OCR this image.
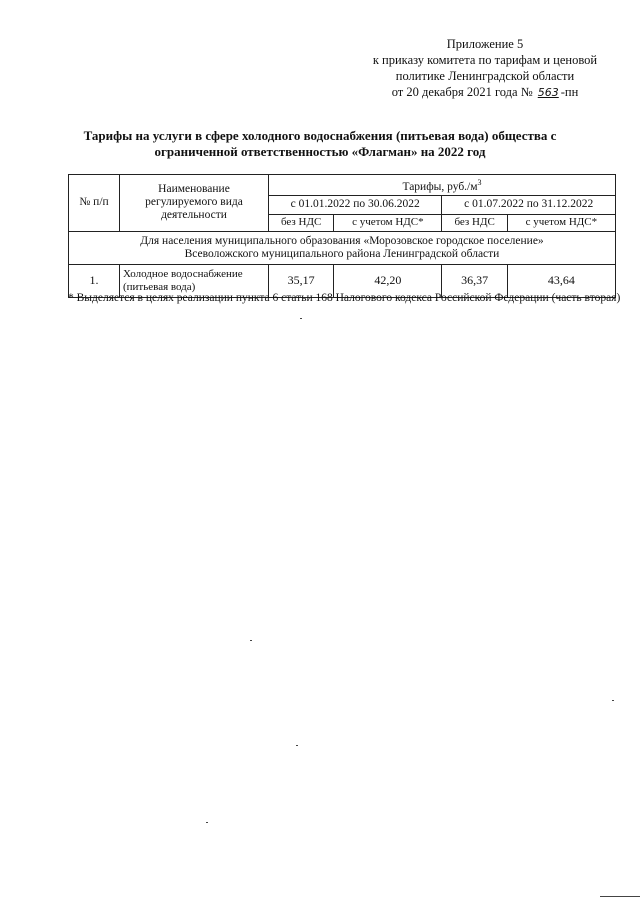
Приложение 5
к приказу комитета по тарифам и ценовой
политике Ленинградской области
от 20 декабря 2021 года № 563 -пн
Тарифы на услуги в сфере холодного водоснабжения (питьевая вода) общества с
ограниченной ответственностью «Флагман» на 2022 год
№ п/п	Наименование регулируемого вида деятельности	Тарифы, $руб./м^3$
		с 01.01.2022 по 30.06.2022		с 01.07.2022 по 31.12.2022	
		без НДС	с учетом НДС*	без НДС	с учетом НДС*

Для населения муниципального образования «Морозовское городское поселение»
Всеволожского муниципального района Ленинградской области					

1.	Холодное водоснабжение (питьевая вода)	35,17	42,20	36,37	43,64
* Выделяется в целях реализации пункта 6 статьи 168 Налогового кодекса Российской Федерации (часть вторая)
